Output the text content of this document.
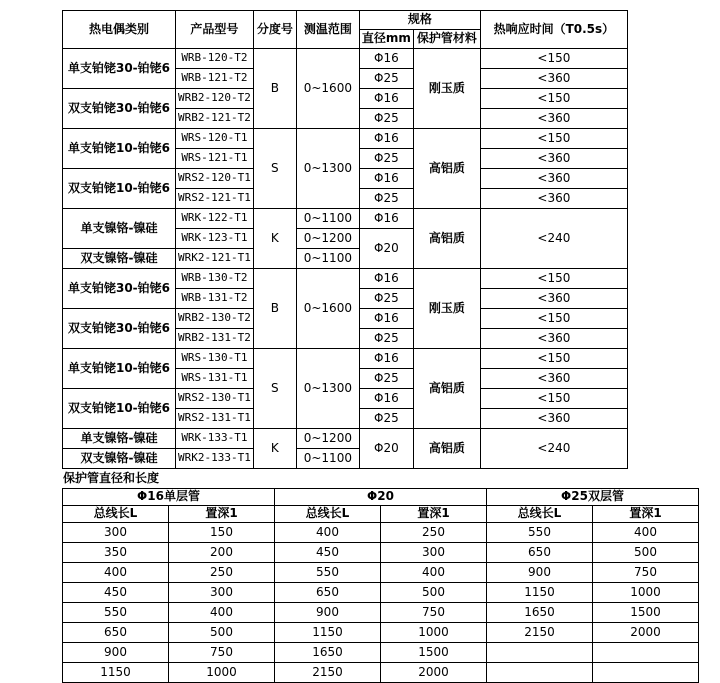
热电偶类别	产品型号	分度号	测温范围	规格		热响应时间（T0.5s）
				直径mm	保护管材料	
单支铂铑30-铂铑6	WRB-120-T2	B	0~1600	Φ16	刚玉质	<150
	WRB-121-T2			Φ25		<360
双支铂铑30-铂铑6	WRB2-120-T2			Φ16		<150
	WRB2-121-T2			Φ25		<360
单支铂铑10-铂铑6	WRS-120-T1	S	0~1300	Φ16	高铝质	<150
	WRS-121-T1			Φ25		<360
双支铂铑10-铂铑6	WRS2-120-T1			Φ16		<360
	WRS2-121-T1			Φ25		<360
单支镍铬-镍硅	WRK-122-T1	K	0~1100	Φ16	高铝质	<240
	WRK-123-T1		0~1200	Φ20		
双支镍铬-镍硅	WRK2-121-T1		0~1100			
单支铂铑30-铂铑6	WRB-130-T2	B	0~1600	Φ16	刚玉质	<150
	WRB-131-T2			Φ25		<360
双支铂铑30-铂铑6	WRB2-130-T2			Φ16		<150
	WRB2-131-T2			Φ25		<360
单支铂铑10-铂铑6	WRS-130-T1	S	0~1300	Φ16	高铝质	<150
	WRS-131-T1			Φ25		<360
双支铂铑10-铂铑6	WRS2-130-T1			Φ16		<150
	WRS2-131-T1			Φ25		<360
单支镍铬-镍硅	WRK-133-T1	K	0~1200	Φ20	高铝质	<240
双支镍铬-镍硅	WRK2-133-T1		0~1100			
保护管直径和长度
Φ16单层管		Φ20		Φ25双层管	
总线长L	置深1	总线长L	置深1	总线长L	置深1
300	150	400	250	550	400
350	200	450	300	650	500
400	250	550	400	900	750
450	300	650	500	1150	1000
550	400	900	750	1650	1500
650	500	1150	1000	2150	2000
900	750	1650	1500		
1150	1000	2150	2000		
